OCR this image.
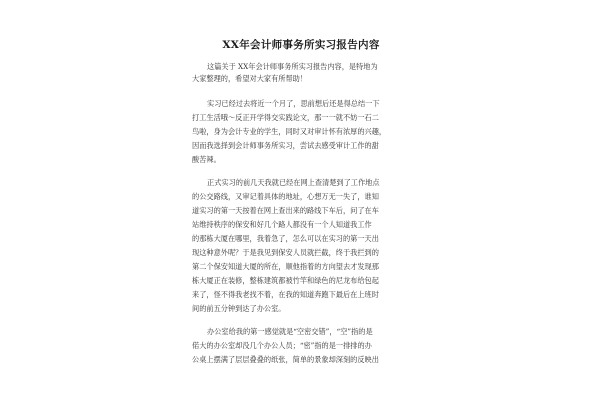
XX年会计师事务所实习报告内容
这篇关于 XX年会计师事务所实习报告内容，是特地为
大家整理的，希望对大家有所帮助！
实习已经过去将近一个月了，思前想后还是得总结一下
打工生活哦～反正开学得交实践论文，那一一就不妨一石二
鸟啦，身为会计专业的学生，同时又对审计怀有浓厚的兴趣，
因而我选择到会计师事务所实习，尝试去感受审计工作的甜
酸苦辣。
正式实习的前几天我就已经在网上查清楚到了工作地点
的公交路线，又审记着具体的地址，心想万无一失了，谁知
道实习的第一天按着在网上查出来的路线下车后，问了在车
站维持秩序的保安和好几个路人都没有一个人知道我工作
的那栋大厦在哪里，我着急了，怎么可以在实习的第一天出
现这种意外呢？于是我见到保安人员就拦截，终于我拦到的
第二个保安知道大厦的所在，顺他指着的方向望去才发现那
栋大厦正在装修，整栋建筑都被竹竿和绿色的尼龙布给包起
来了，怪不得我老找不着，在我的知道奔跑下最后在上班时
间的前五分钟到达了办公室。
办公室给我的第一感觉就是“空密交错”，“空”指的是
偌大的办公室却没几个办公人员；“密”指的是一排排的办
公桌上摆满了层层叠叠的纸张，简单的景象却深刻的反映出
